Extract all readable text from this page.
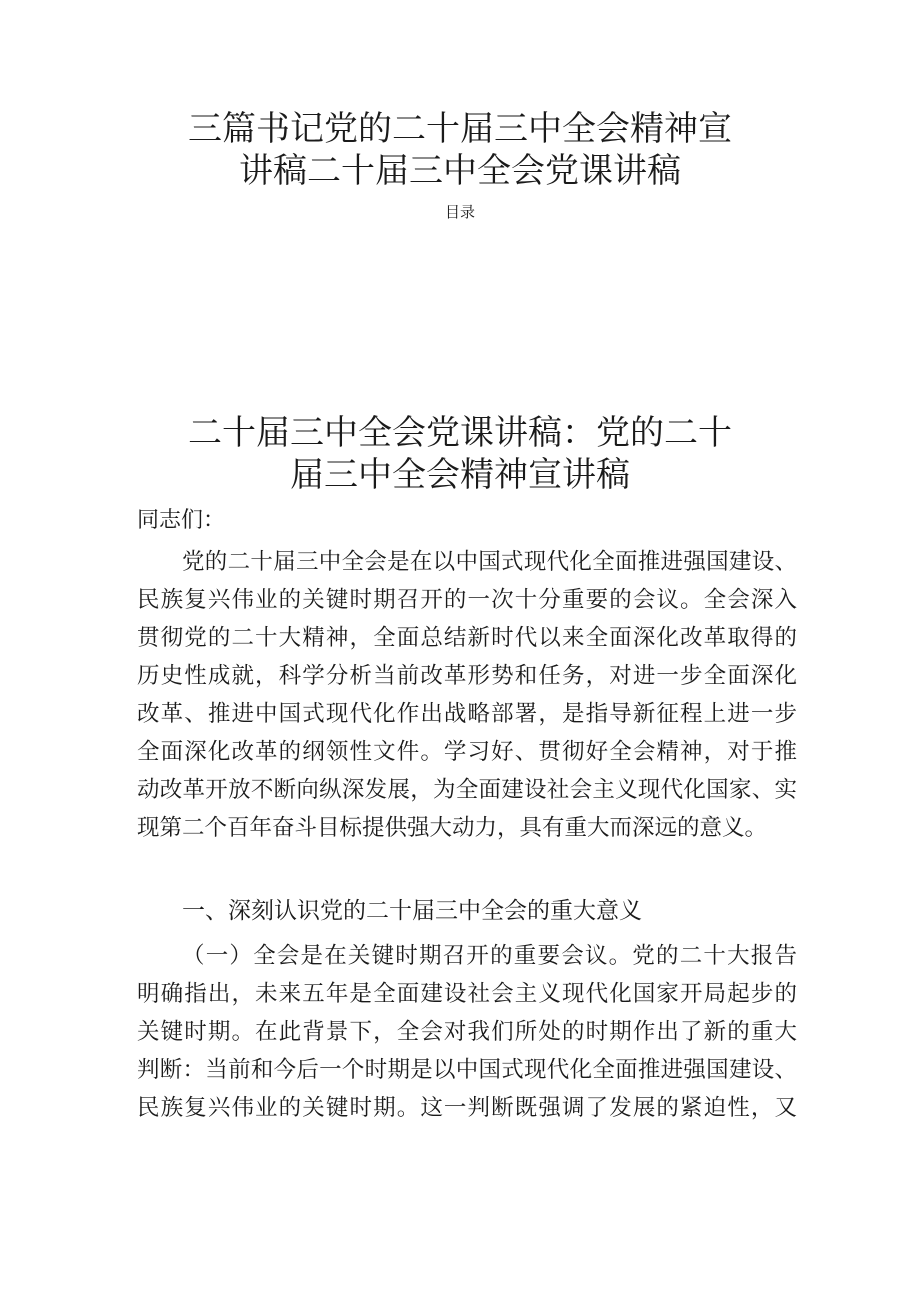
三篇书记党的二十届三中全会精神宣
讲稿二十届三中全会党课讲稿
目录
二十届三中全会党课讲稿：党的二十
届三中全会精神宣讲稿

同志们：

党的二十届三中全会是在以中国式现代化全面推进强国建设、
民族复兴伟业的关键时期召开的一次十分重要的会议。全会深入
贯彻党的二十大精神，全面总结新时代以来全面深化改革取得的
历史性成就，科学分析当前改革形势和任务，对进一步全面深化
改革、推进中国式现代化作出战略部署，是指导新征程上进一步
全面深化改革的纲领性文件。学习好、贯彻好全会精神，对于推
动改革开放不断向纵深发展，为全面建设社会主义现代化国家、实
现第二个百年奋斗目标提供强大动力，具有重大而深远的意义。
一、深刻认识党的二十届三中全会的重大意义
（一）全会是在关键时期召开的重要会议。党的二十大报告
明确指出，未来五年是全面建设社会主义现代化国家开局起步的
关键时期。在此背景下，全会对我们所处的时期作出了新的重大
判断：当前和今后一个时期是以中国式现代化全面推进强国建设、
民族复兴伟业的关键时期。这一判断既强调了发展的紧迫性，又
